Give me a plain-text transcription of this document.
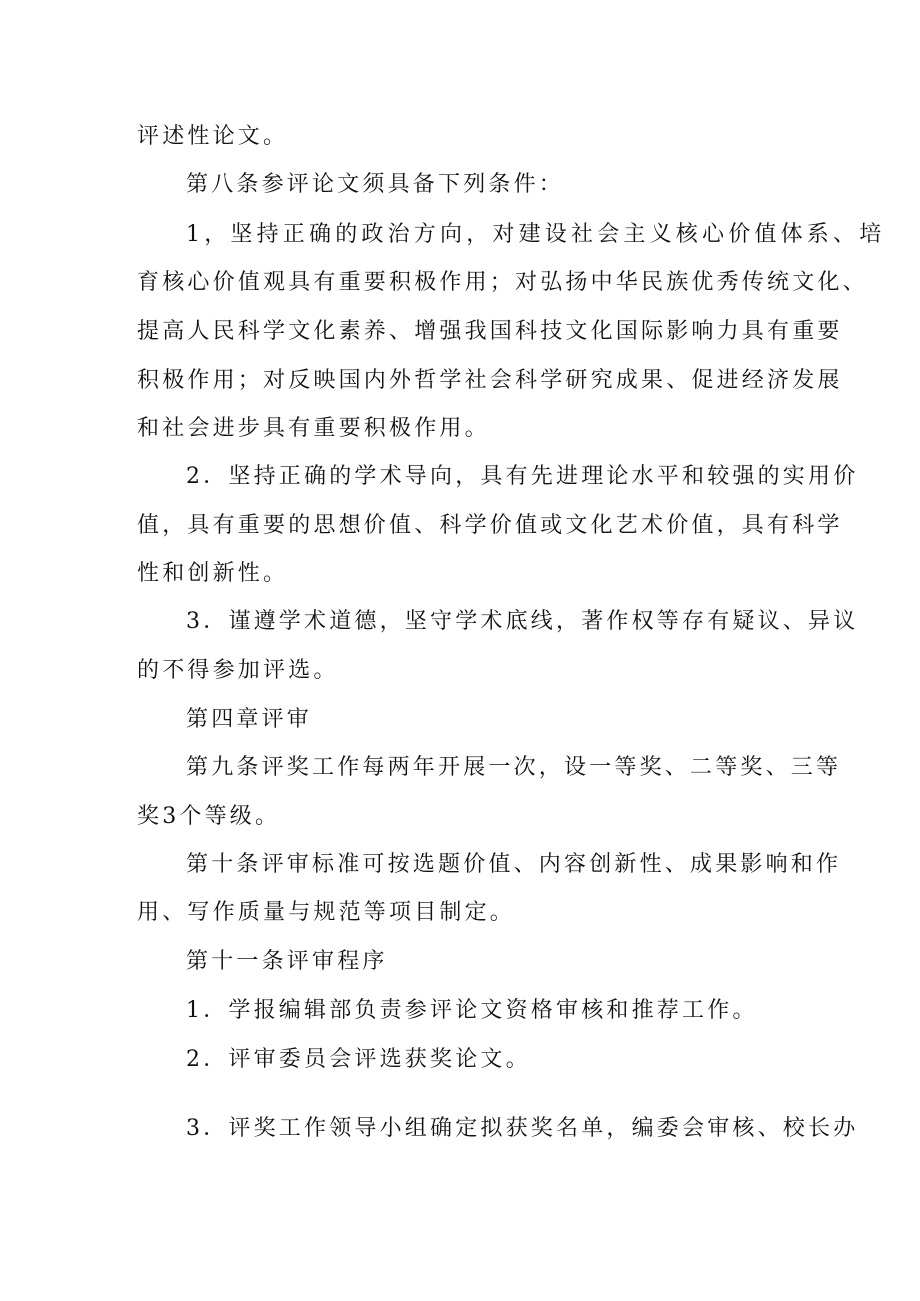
评述性论文。
第八条参评论文须具备下列条件：
1，坚持正确的政治方向，对建设社会主义核心价值体系、培
育核心价值观具有重要积极作用；对弘扬中华民族优秀传统文化、
提高人民科学文化素养、增强我国科技文化国际影响力具有重要
积极作用；对反映国内外哲学社会科学研究成果、促进经济发展
和社会进步具有重要积极作用。
2．坚持正确的学术导向，具有先进理论水平和较强的实用价
值，具有重要的思想价值、科学价值或文化艺术价值，具有科学
性和创新性。
3．谨遵学术道德，坚守学术底线，著作权等存有疑议、异议
的不得参加评选。
第四章评审
第九条评奖工作每两年开展一次，设一等奖、二等奖、三等
奖3个等级。
第十条评审标准可按选题价值、内容创新性、成果影响和作
用、写作质量与规范等项目制定。
第十一条评审程序
1．学报编辑部负责参评论文资格审核和推荐工作。
2．评审委员会评选获奖论文。
3．评奖工作领导小组确定拟获奖名单，编委会审核、校长办
